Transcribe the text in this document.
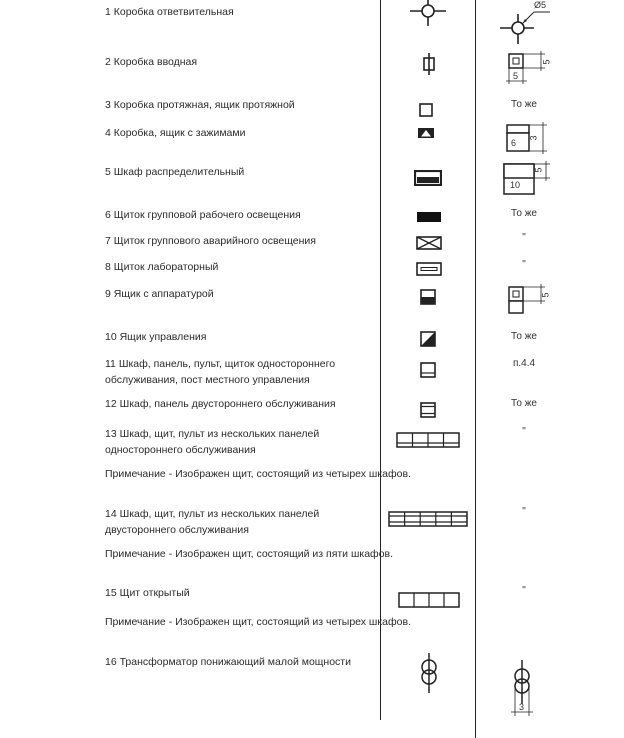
1 Коробка ответвительная
2 Коробка вводная
3 Коробка протяжная, ящик протяжной
4 Коробка, ящик с зажимами
5 Шкаф распределительный
6 Щиток групповой рабочего освещения
7 Щиток группового аварийного освещения
8 Щиток лабораторный
9 Ящик с аппаратурой
10 Ящик управления
11 Шкаф, панель, пульт, щиток одностороннего
обслуживания, пост местного управления
12 Шкаф, панель двустороннего обслуживания
13 Шкаф, щит, пульт из нескольких панелей
одностороннего обслуживания
Примечание - Изображен щит, состоящий из четырех шкафов.
14 Шкаф, щит, пульт из нескольких панелей
двустороннего обслуживания
Примечание - Изображен щит, состоящий из пяти шкафов.
15 Щит открытый
Примечание - Изображен щит, состоящий из четырех шкафов.
16 Трансформатор понижающий малой мощности
Ø5
5
5
То же
6 3
10
5
То же
"
"
5
То же
п.4.4
То же
"
"
"
3
